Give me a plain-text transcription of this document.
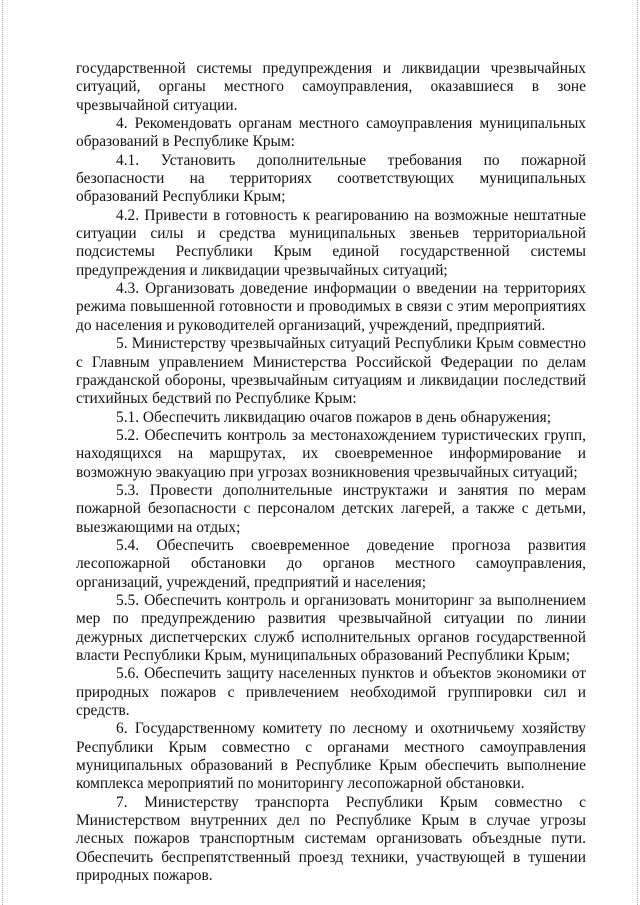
государственной системы предупреждения и ликвидации чрезвычайных ситуаций, органы местного самоуправления, оказавшиеся в зоне чрезвычайной ситуации.

4. Рекомендовать органам местного самоуправления муниципальных образований в Республике Крым:

4.1. Установить дополнительные требования по пожарной безопасности на территориях соответствующих муниципальных образований Республики Крым;

4.2. Привести в готовность к реагированию на возможные нештатные ситуации силы и средства муниципальных звеньев территориальной подсистемы Республики Крым единой государственной системы предупреждения и ликвидации чрезвычайных ситуаций;

4.3. Организовать доведение информации о введении на территориях режима повышенной готовности и проводимых в связи с этим мероприятиях до населения и руководителей организаций, учреждений, предприятий.

5. Министерству чрезвычайных ситуаций Республики Крым совместно с Главным управлением Министерства Российской Федерации по делам гражданской обороны, чрезвычайным ситуациям и ликвидации последствий стихийных бедствий по Республике Крым:

5.1. Обеспечить ликвидацию очагов пожаров в день обнаружения;

5.2. Обеспечить контроль за местонахождением туристических групп, находящихся на маршрутах, их своевременное информирование и возможную эвакуацию при угрозах возникновения чрезвычайных ситуаций;

5.3. Провести дополнительные инструктажи и занятия по мерам пожарной безопасности с персоналом детских лагерей, а также с детьми, выезжающими на отдых;

5.4. Обеспечить своевременное доведение прогноза развития лесопожарной обстановки до органов местного самоуправления, организаций, учреждений, предприятий и населения;

5.5. Обеспечить контроль и организовать мониторинг за выполнением мер по предупреждению развития чрезвычайной ситуации по линии дежурных диспетчерских служб исполнительных органов государственной власти Республики Крым, муниципальных образований Республики Крым;

5.6. Обеспечить защиту населенных пунктов и объектов экономики от природных пожаров с привлечением необходимой группировки сил и средств.

6. Государственному комитету по лесному и охотничьему хозяйству Республики Крым совместно с органами местного самоуправления муниципальных образований в Республике Крым обеспечить выполнение комплекса мероприятий по мониторингу лесопожарной обстановки.

7. Министерству транспорта Республики Крым совместно с Министерством внутренних дел по Республике Крым в случае угрозы лесных пожаров транспортным системам организовать объездные пути. Обеспечить беспрепятственный проезд техники, участвующей в тушении природных пожаров.
